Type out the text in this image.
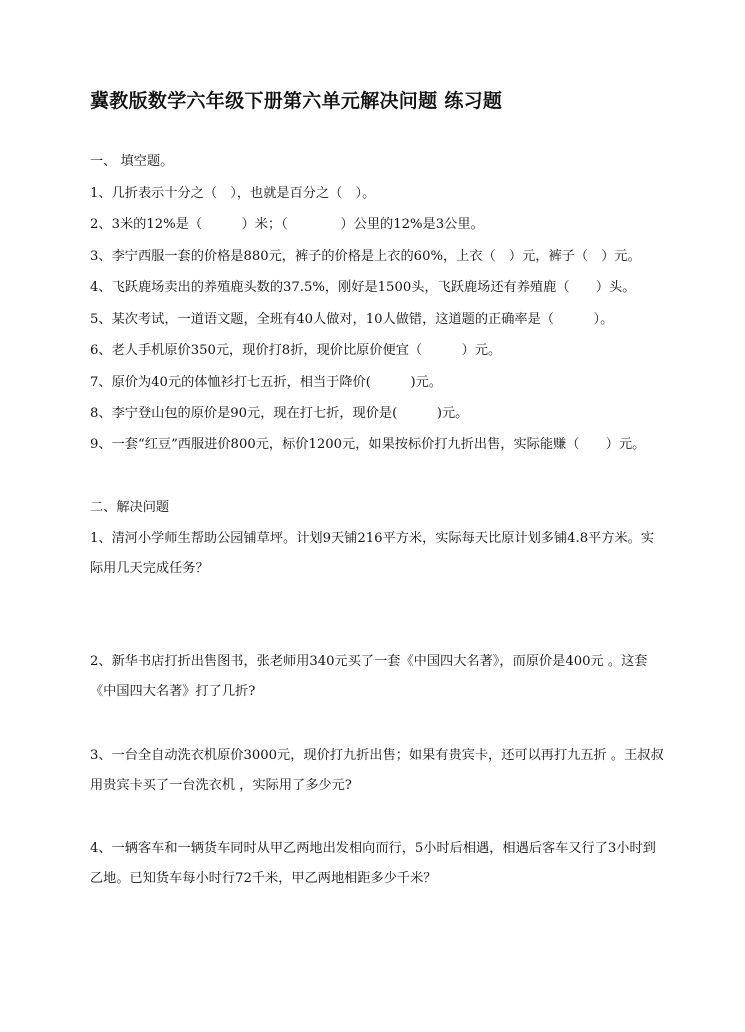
冀教版数学六年级下册第六单元解决问题 练习题
一、 填空题。
1、几折表示十分之（　），也就是百分之（　）。
2、3米的12%是（　　　）米；（　　　　）公里的12%是3公里。
3、李宁西服一套的价格是880元，裤子的价格是上衣的60%，上衣（　）元，裤子（　）元。
4、飞跃鹿场卖出的养殖鹿头数的37.5%，刚好是1500头，飞跃鹿场还有养殖鹿（　　）头。
5、某次考试，一道语文题，全班有40人做对，10人做错，这道题的正确率是（　　　）。
6、老人手机原价350元，现价打8折，现价比原价便宜（　　　）元。
7、原价为40元的体恤衫打七五折，相当于降价(　　　)元。
8、李宁登山包的原价是90元，现在打七折，现价是(　　　)元。
9、一套“红豆”西服进价800元，标价1200元，如果按标价打九折出售，实际能赚（　　）元。
二、解决问题
1、清河小学师生帮助公园铺草坪。计划9天铺216平方米，实际每天比原计划多铺4.8平方米。实际用几天完成任务？
2、新华书店打折出售图书，张老师用340元买了一套《中国四大名著》，而原价是400元 。这套《中国四大名著》打了几折?
3、一台全自动洗衣机原价3000元，现价打九折出售；如果有贵宾卡，还可以再打九五折 。王叔叔用贵宾卡买了一台洗衣机 ，实际用了多少元?
4、一辆客车和一辆货车同时从甲乙两地出发相向而行，5小时后相遇，相遇后客车又行了3小时到乙地。已知货车每小时行72千米，甲乙两地相距多少千米？
